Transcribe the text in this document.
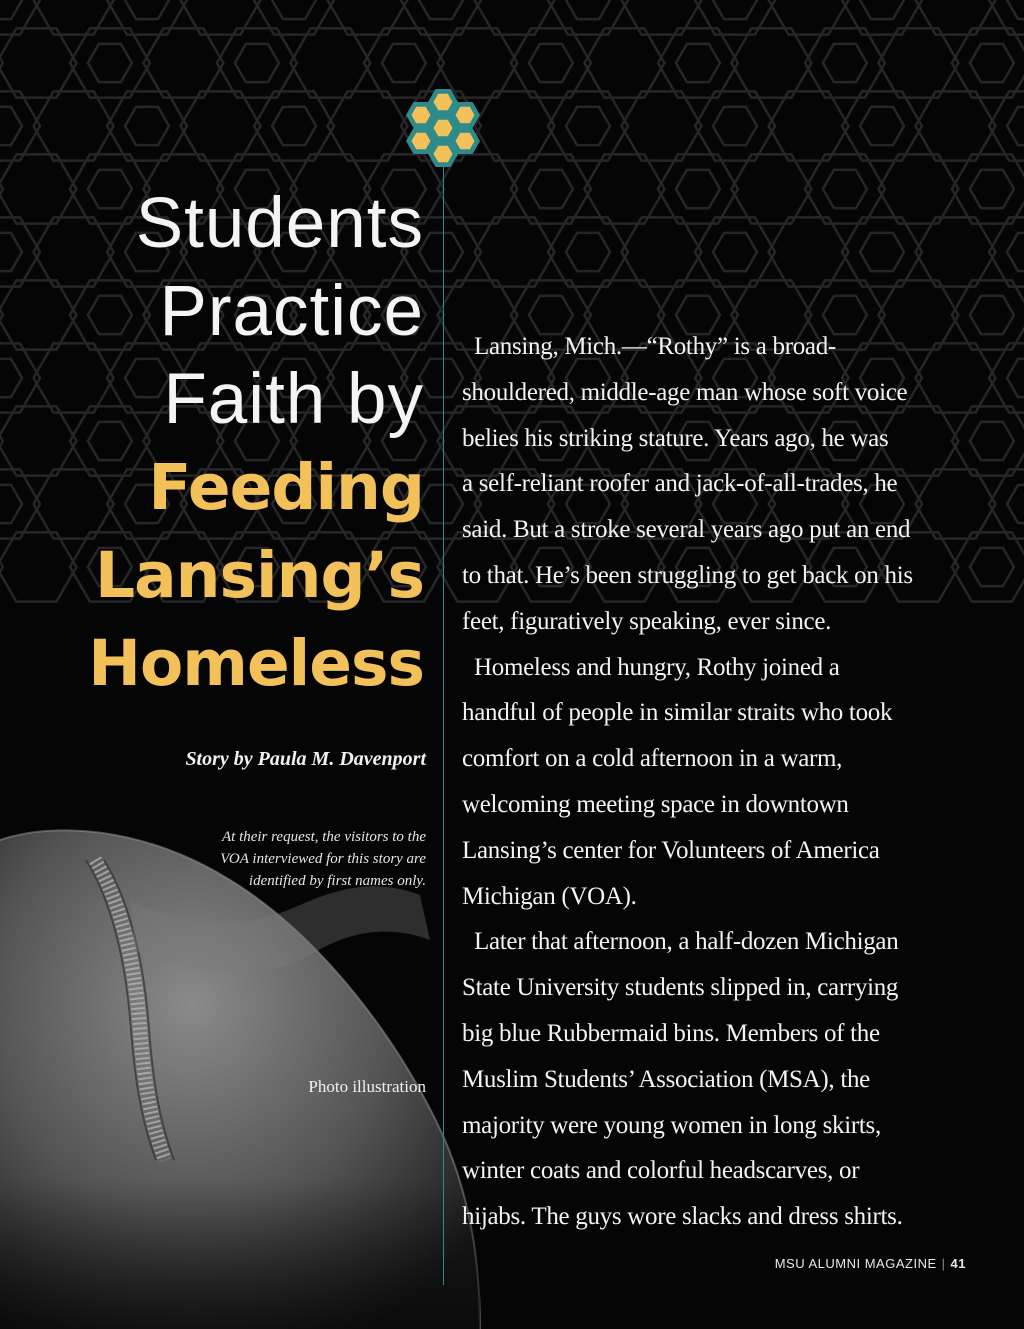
Students
Practice
Faith by
Feeding
Lansing’s
Homeless
Story by Paula M. Davenport
At their request, the visitors to the
VOA interviewed for this story are
identified by first names only.
Photo illustration
Lansing, Mich.—“Rothy” is a broad-
shouldered, middle-age man whose soft voice
belies his striking stature. Years ago, he was
a self-reliant roofer and jack-of-all-trades, he
said. But a stroke several years ago put an end
to that. He’s been struggling to get back on his
feet, figuratively speaking, ever since.
Homeless and hungry, Rothy joined a
handful of people in similar straits who took
comfort on a cold afternoon in a warm,
welcoming meeting space in downtown
Lansing’s center for Volunteers of America
Michigan (VOA).
Later that afternoon, a half-dozen Michigan
State University students slipped in, carrying
big blue Rubbermaid bins. Members of the
Muslim Students’ Association (MSA), the
majority were young women in long skirts,
winter coats and colorful headscarves, or
hijabs. The guys wore slacks and dress shirts.
MSU ALUMNI MAGAZINE | 41
